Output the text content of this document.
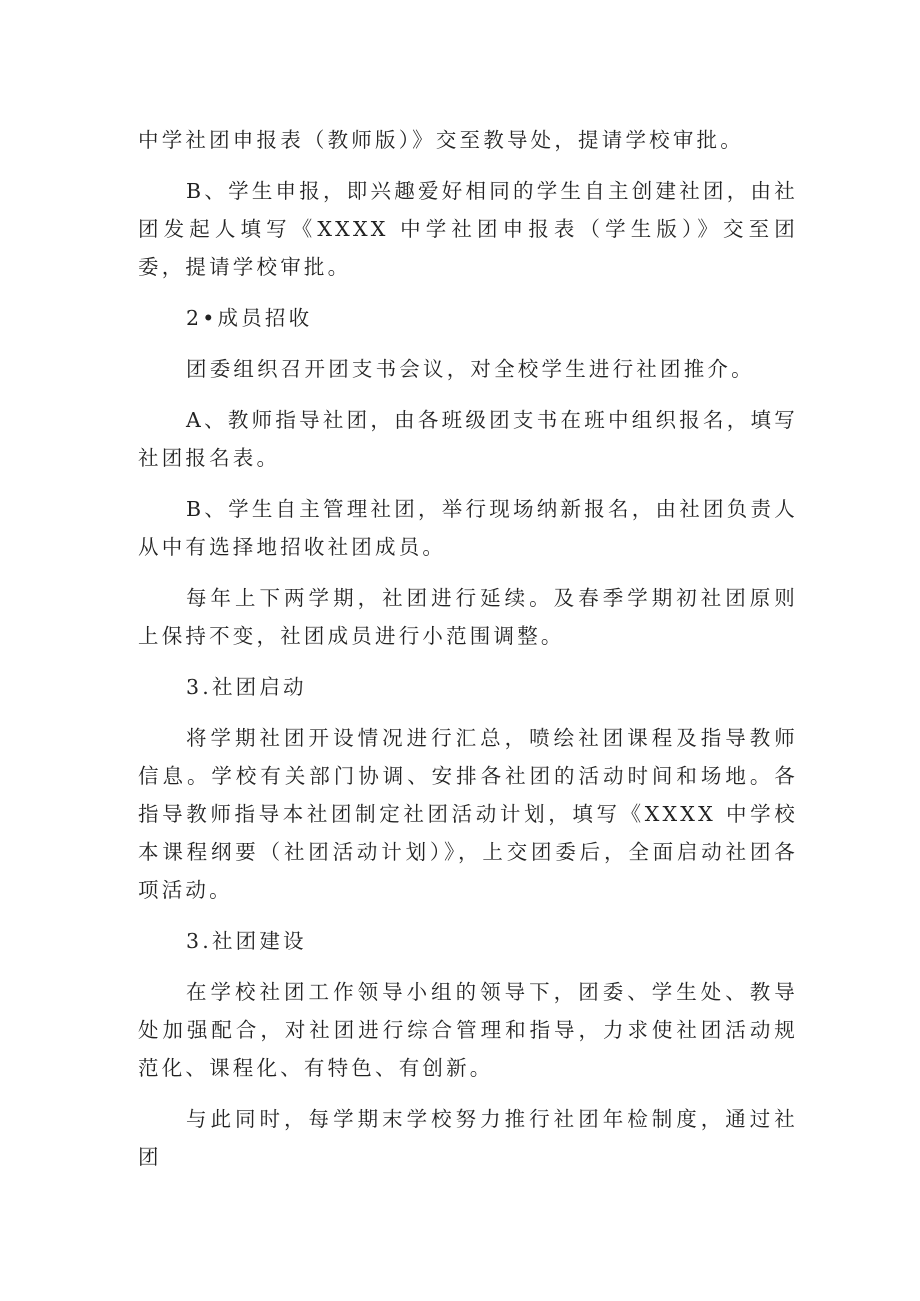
中学社团申报表（教师版）》交至教导处，提请学校审批。

B、学生申报，即兴趣爱好相同的学生自主创建社团，由社团发起人填写《XXXX 中学社团申报表（学生版）》交至团委，提请学校审批。

2•成员招收

团委组织召开团支书会议，对全校学生进行社团推介。

A、教师指导社团，由各班级团支书在班中组织报名，填写社团报名表。

B、学生自主管理社团，举行现场纳新报名，由社团负责人从中有选择地招收社团成员。

每年上下两学期，社团进行延续。及春季学期初社团原则上保持不变，社团成员进行小范围调整。

3.社团启动

将学期社团开设情况进行汇总，喷绘社团课程及指导教师信息。学校有关部门协调、安排各社团的活动时间和场地。各指导教师指导本社团制定社团活动计划，填写《XXXX 中学校本课程纲要（社团活动计划）》，上交团委后，全面启动社团各项活动。

3.社团建设

在学校社团工作领导小组的领导下，团委、学生处、教导处加强配合，对社团进行综合管理和指导，力求使社团活动规范化、课程化、有特色、有创新。

与此同时，每学期末学校努力推行社团年检制度，通过社团
